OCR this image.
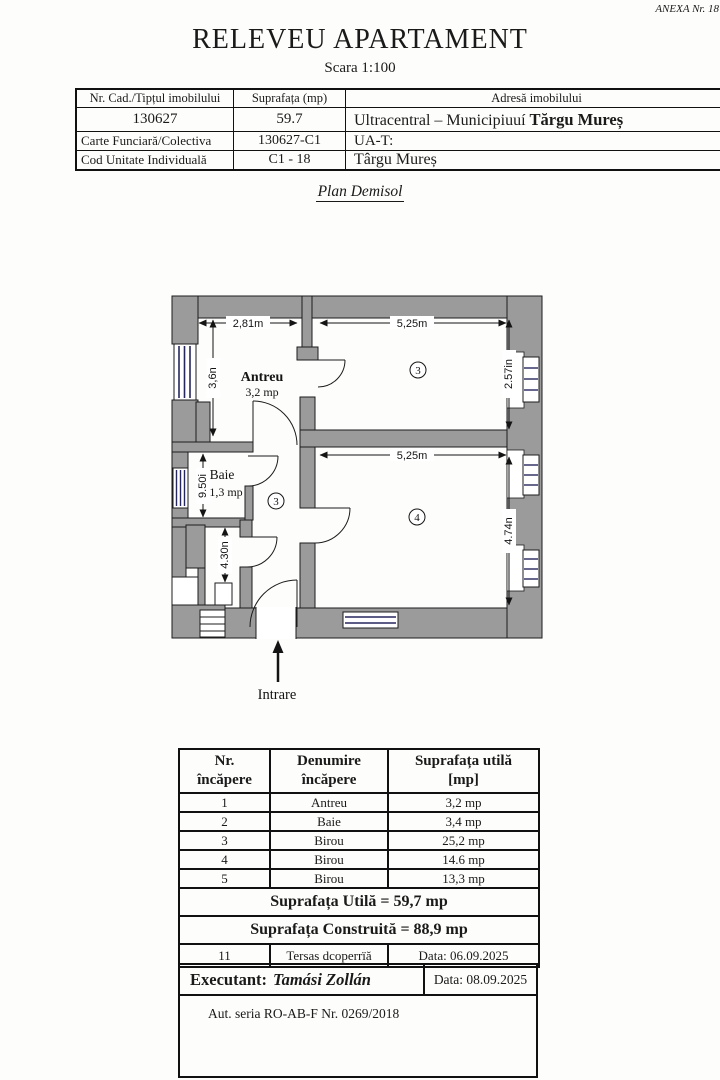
ANEXA Nr. 18
RELEVEU APARTAMENT
Scara 1:100
Nr. Cad./Tipțul imobilului	Suprafața (mp)	Adresă imobilului
130627	59.7	Ultracentral – Municipiuuí Tărgu Mureș
Carte Funciară/Colectiva	130627-C1	UA-T:
Cod Unitate Individuală	C1 - 18	Târgu Mureș
Plan Demisol
2,81m	5,25m
5,25m
3,6n	2.57in
9.50i
4.30n
4.74n
Antreu
3,2 mp
Baie
1,3 mp
3
3
4
Intrare
Nr.
încăpere

Denumire
încăpere

Suprafața utilă
[mp]

1	Antreu	3,2 mp
2	Baie	3,4 mp
3	Birou	25,2 mp
4	Birou	14.6 mp
5	Birou	13,3 mp
Suprafața Utilă = 59,7 mp		
Suprafața Construită = 88,9 mp		
11	Tersas dcoperrïă	Data: 06.09.2025
Executant: Tamási Zollán	Data: 08.09.2025
Aut. seria RO-AB-F Nr. 0269/2018
